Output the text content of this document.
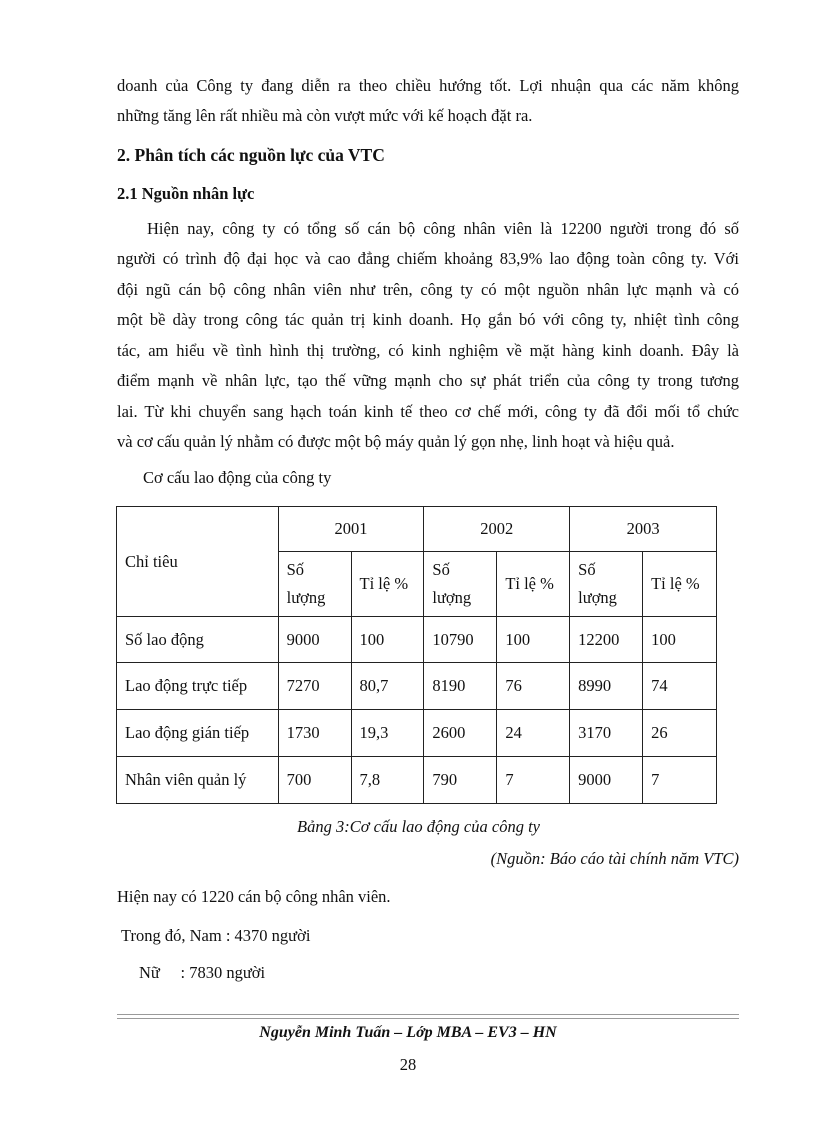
doanh của Công ty đang diễn ra theo chiều hướng tốt. Lợi nhuận qua các năm không
những tăng lên rất nhiều mà còn vượt mức với kế hoạch đặt ra.
2. Phân tích các nguồn lực của VTC
2.1 Nguồn nhân lực
Hiện nay, công ty có tổng số cán bộ công nhân viên là 12200 người trong đó số
người có trình độ đại học và cao đẳng chiếm khoảng 83,9% lao động toàn công ty. Với
đội ngũ cán bộ công nhân viên như trên, công ty có một nguồn nhân lực mạnh và có
một bề dày trong công tác quản trị kinh doanh. Họ gắn bó với công ty, nhiệt tình công
tác, am hiểu về tình hình thị trường, có kinh nghiệm về mặt hàng kinh doanh. Đây là
điểm mạnh về nhân lực, tạo thế vững mạnh cho sự phát triển của công ty trong tương
lai. Từ khi chuyển sang hạch toán kinh tế theo cơ chế mới, công ty đã đổi mối tổ chức
và cơ cấu quản lý nhằm có được một bộ máy quản lý gọn nhẹ, linh hoạt và hiệu quả.
Cơ cấu lao động của công ty
Chỉ tiêu	2001		2002		2003	
	Số
lượng	Tỉ lệ %	Số
lượng	Tỉ lệ %	Số
lượng	Tỉ lệ %
Số lao động	9000	100	10790	100	12200	100
Lao động trực tiếp	7270	80,7	8190	76	8990	74
Lao động gián tiếp	1730	19,3	2600	24	3170	26
Nhân viên quản lý	700	7,8	790	7	9000	7
Bảng 3:Cơ cấu lao động của công ty
(Nguồn: Báo cáo tài chính năm VTC)
Hiện nay có 1220 cán bộ công nhân viên.
Trong đó, Nam : 4370 người
Nữ     : 7830 người
Nguyễn Minh Tuấn – Lớp MBA – EV3 – HN
28
